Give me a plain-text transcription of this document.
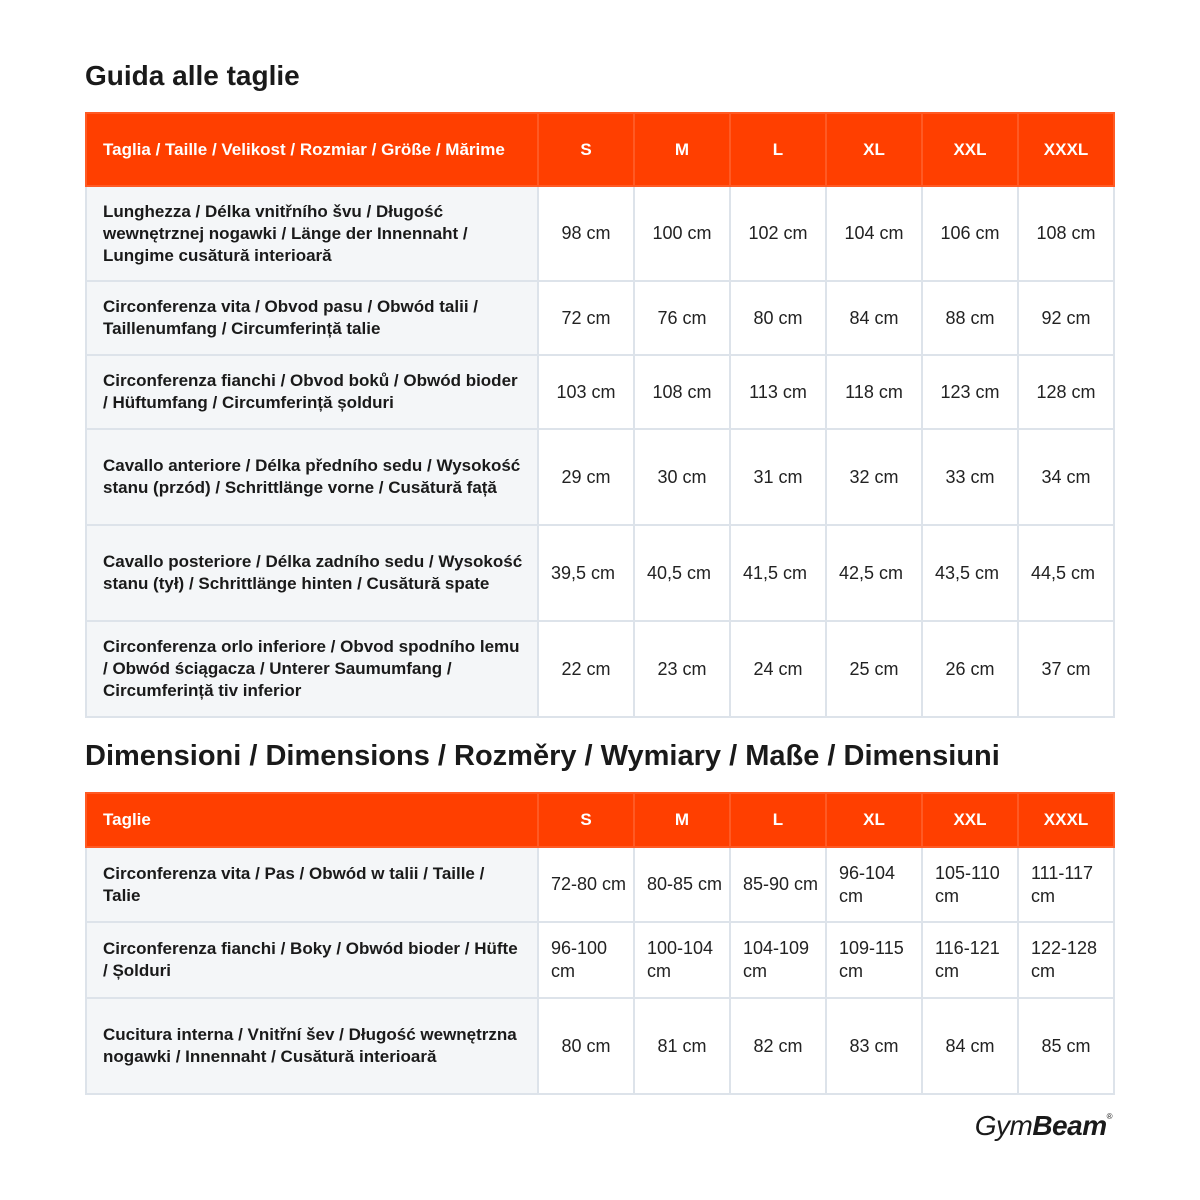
Guida alle taglie
Taglia / Taille / Velikost / Rozmiar / Größe / Mărime	S	M	L	XL	XXL	XXXL
Lunghezza / Délka vnitřního švu / Długość wewnętrznej nogawki / Länge der Innennaht / Lungime cusătură interioară	98 cm	100 cm	102 cm	104 cm	106 cm	108 cm
Circonferenza vita / Obvod pasu / Obwód talii / Taillenumfang / Circumferință talie	72 cm	76 cm	80 cm	84 cm	88 cm	92 cm
Circonferenza fianchi / Obvod boků / Obwód bioder / Hüftumfang / Circumferință șolduri	103 cm	108 cm	113 cm	118 cm	123 cm	128 cm
Cavallo anteriore / Délka předního sedu / Wysokość stanu (przód) / Schrittlänge vorne / Cusătură față	29 cm	30 cm	31 cm	32 cm	33 cm	34 cm
Cavallo posteriore / Délka zadního sedu / Wysokość stanu (tył) / Schrittlänge hinten / Cusătură spate	39,5 cm	40,5 cm	41,5 cm	42,5 cm	43,5 cm	44,5 cm
Circonferenza orlo inferiore / Obvod spodního lemu / Obwód ściągacza / Unterer Saumumfang / Circumferință tiv inferior	22 cm	23 cm	24 cm	25 cm	26 cm	37 cm
Dimensioni / Dimensions / Rozměry / Wymiary / Maße / Dimensiuni
Taglie	S	M	L	XL	XXL	XXXL
Circonferenza vita / Pas / Obwód w talii / Taille / Talie	72-80 cm	80-85 cm	85-90 cm	96-104 cm	105-110 cm	111-117 cm
Circonferenza fianchi / Boky / Obwód bioder / Hüfte / Șolduri	96-100 cm	100-104 cm	104-109 cm	109-115 cm	116-121 cm	122-128 cm
Cucitura interna / Vnitřní šev / Długość wewnętrzna nogawki / Innennaht / Cusătură interioară	80 cm	81 cm	82 cm	83 cm	84 cm	85 cm
GymBeam®
